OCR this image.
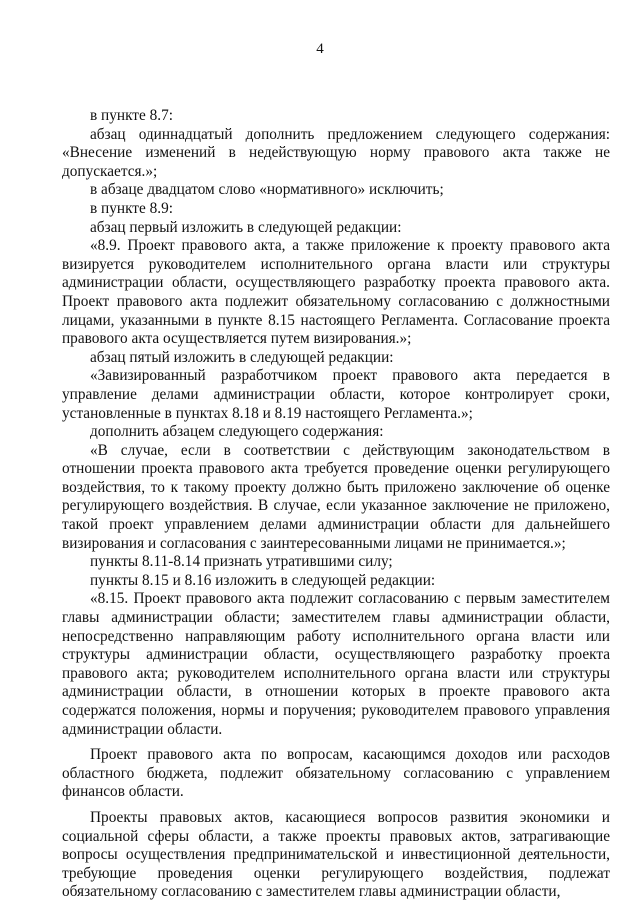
4

в пункте 8.7:

абзац одиннадцатый дополнить предложением следующего содержания: «Внесение изменений в недействующую норму правового акта также не допускается.»;

в абзаце двадцатом слово «нормативного» исключить;

в пункте 8.9:

абзац первый изложить в следующей редакции:

«8.9. Проект правового акта, а также приложение к проекту правового акта визируется руководителем исполнительного органа власти или структуры администрации области, осуществляющего разработку проекта правового акта. Проект правового акта подлежит обязательному согласованию с должностными лицами, указанными в пункте 8.15 настоящего Регламента. Согласование проекта правового акта осуществляется путем визирования.»;

абзац пятый изложить в следующей редакции:

«Завизированный разработчиком проект правового акта передается в управление делами администрации области, которое контролирует сроки, установленные в пунктах 8.18 и 8.19 настоящего Регламента.»;

дополнить абзацем следующего содержания:

«В случае, если в соответствии с действующим законодательством в отношении проекта правового акта требуется проведение оценки регулирующего воздействия, то к такому проекту должно быть приложено заключение об оценке регулирующего воздействия. В случае, если указанное заключение не приложено, такой проект управлением делами администрации области для дальнейшего визирования и согласования с заинтересованными лицами не принимается.»;

пункты 8.11-8.14 признать утратившими силу;

пункты 8.15 и 8.16 изложить в следующей редакции:

«8.15. Проект правового акта подлежит согласованию с первым заместителем главы администрации области; заместителем главы администрации области, непосредственно направляющим работу исполнительного органа власти или структуры администрации области, осуществляющего разработку проекта правового акта; руководителем исполнительного органа власти или структуры администрации области, в отношении которых в проекте правового акта содержатся положения, нормы и поручения; руководителем правового управления администрации области.

Проект правового акта по вопросам, касающимся доходов или расходов областного бюджета, подлежит обязательному согласованию с управлением финансов области.

Проекты правовых актов, касающиеся вопросов развития экономики и социальной сферы области, а также проекты правовых актов, затрагивающие вопросы осуществления предпринимательской и инвестиционной деятельности, требующие проведения оценки регулирующего воздействия, подлежат обязательному согласованию с заместителем главы администрации области,
